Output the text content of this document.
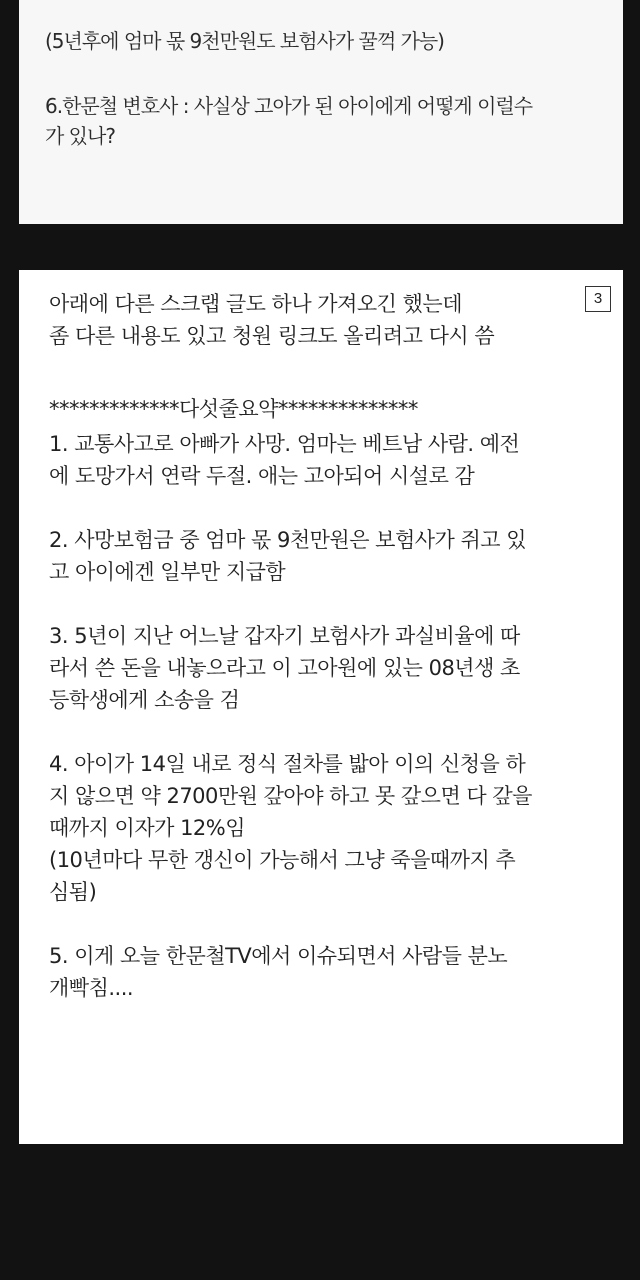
(5년후에 엄마 몫 9천만원도 보험사가 꿀꺽 가능)

6.한문철 변호사 : 사실상 고아가 된 아이에게 어떻게 이럴수
가 있나?

3

아래에 다른 스크랩 글도 하나 가져오긴 했는데
좀 다른 내용도 있고 청원 링크도 올리려고 다시 씀

*************다섯줄요약**************

1. 교통사고로 아빠가 사망. 엄마는 베트남 사람. 예전
에 도망가서 연락 두절. 애는 고아되어 시설로 감

2. 사망보험금 중 엄마 몫 9천만원은 보험사가 쥐고 있
고 아이에겐 일부만 지급함

3. 5년이 지난 어느날 갑자기 보험사가 과실비율에 따
라서 쓴 돈을 내놓으라고 이 고아원에 있는 08년생 초
등학생에게 소송을 검

4. 아이가 14일 내로 정식 절차를 밟아 이의 신청을 하
지 않으면 약 2700만원 갚아야 하고 못 갚으면 다 갚을
때까지 이자가 12%임
(10년마다 무한 갱신이 가능해서 그냥 죽을때까지 추
심됨)

5. 이게 오늘 한문철TV에서 이슈되면서 사람들 분노
개빡침....
